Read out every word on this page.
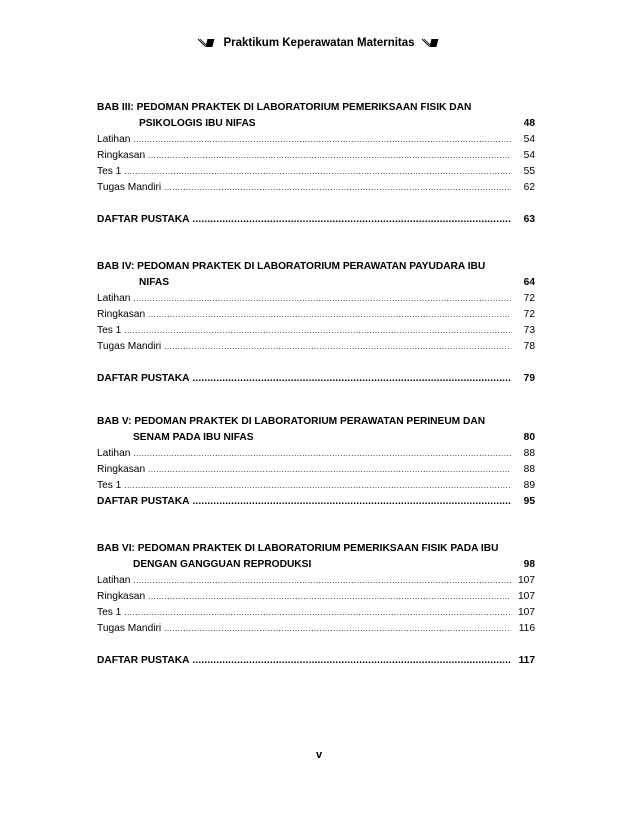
Praktikum Keperawatan Maternitas
BAB III: PEDOMAN PRAKTEK DI LABORATORIUM PEMERIKSAAN FISIK DAN
PSIKOLOGIS IBU NIFAS	48
Latihan .....	54
Ringkasan .....	54
Tes 1 .....	55
Tugas Mandiri .....	62
DAFTAR PUSTAKA .....	63
BAB IV: PEDOMAN PRAKTEK DI LABORATORIUM PERAWATAN PAYUDARA IBU
NIFAS	64
Latihan .....	72
Ringkasan .....	72
Tes 1 .....	73
Tugas Mandiri .....	78
DAFTAR PUSTAKA .....	79
BAB V: PEDOMAN PRAKTEK DI LABORATORIUM PERAWATAN PERINEUM DAN
SENAM PADA IBU NIFAS	80
Latihan .....	88
Ringkasan .....	88
Tes 1 .....	89
DAFTAR PUSTAKA .....	95
BAB VI: PEDOMAN PRAKTEK DI LABORATORIUM PEMERIKSAAN FISIK PADA IBU
DENGAN GANGGUAN REPRODUKSI	98
Latihan .....	107
Ringkasan .....	107
Tes 1 .....	107
Tugas Mandiri .....	116
DAFTAR PUSTAKA .....	117
v
